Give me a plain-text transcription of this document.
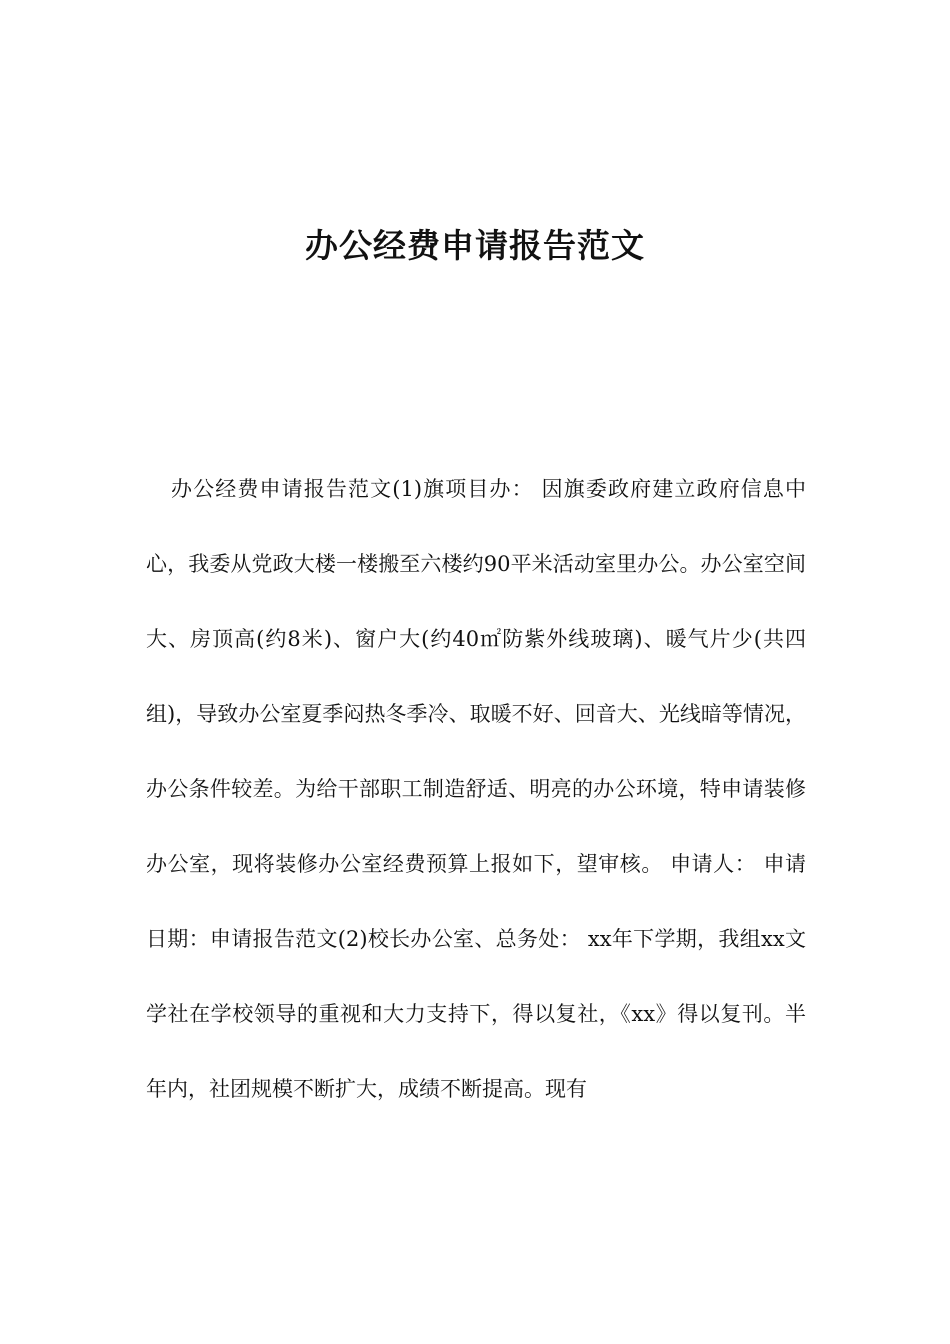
办公经费申请报告范文

办公经费申请报告范文(1)旗项目办： 因旗委政府建立政府信息中心，我委从党政大楼一楼搬至六楼约90平米活动室里办公。办公室空间大、房顶高(约8米)、窗户大(约40㎡防紫外线玻璃)、暖气片少(共四组)，导致办公室夏季闷热冬季冷、取暖不好、回音大、光线暗等情况，办公条件较差。为给干部职工制造舒适、明亮的办公环境，特申请装修办公室，现将装修办公室经费预算上报如下，望审核。 申请人： 申请日期：申请报告范文(2)校长办公室、总务处： xx年下学期，我组xx文学社在学校领导的重视和大力支持下，得以复社，《xx》得以复刊。半年内，社团规模不断扩大，成绩不断提高。现有
